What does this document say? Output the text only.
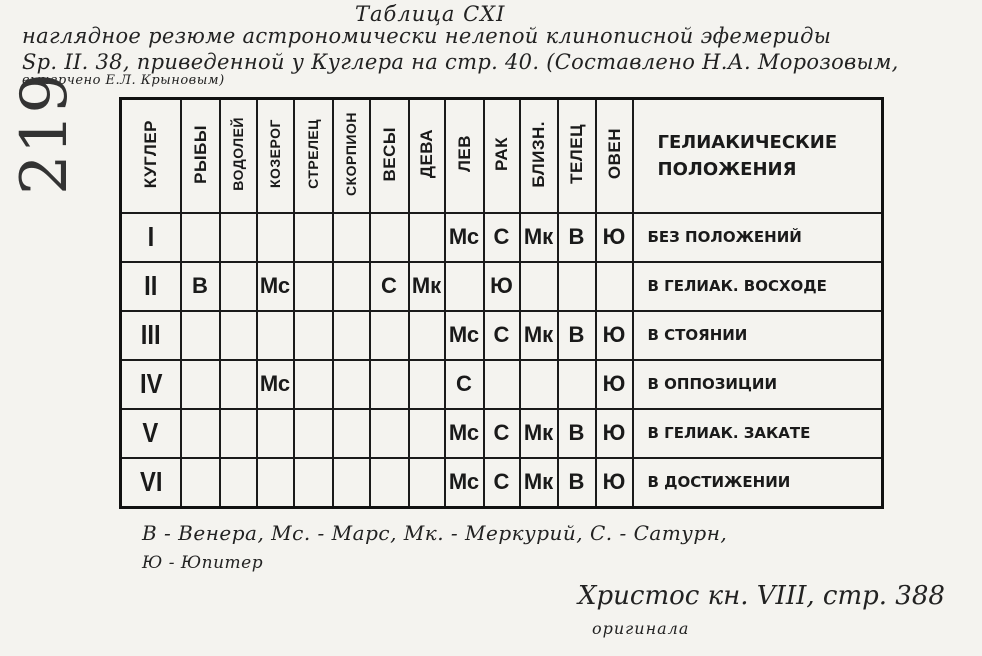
Таблица CXI
наглядное резюме астрономически нелепой клинописной эфемериды
Sp. II. 38, приведенной у Куглера на стр. 40. (Составлено Н.А. Морозовым,
вычерчено Е.Л. Крыновым)
219	КУГЛЕР	РЫБЫ	ВОДОЛЕЙ	КОЗЕРОГ	СТРЕЛЕЦ	СКОРПИОН	ВЕСЫ	ДЕВА	ЛЕВ	РАК	БЛИЗН.	ТЕЛЕЦ	ОВЕН	ГЕЛИАКИЧЕСКИЕ
ПОЛОЖЕНИЯ

I								Мс	С	Мк	В	Ю	БЕЗ ПОЛОЖЕНИЙ
II	В		Мс			С	Мк		Ю				В ГЕЛИАК. ВОСХОДЕ
III								Мс	С	Мк	В	Ю	В СТОЯНИИ
IV			Мс					С				Ю	В ОППОЗИЦИИ
V								Мс	С	Мк	В	Ю	В ГЕЛИАК. ЗАКАТЕ
VI								Мс	С	Мк	В	Ю	В ДОСТИЖЕНИИ
В - Венера, Мс. - Марс, Мк. - Меркурий, С. - Сатурн,
Ю - Юпитер
Христос кн. VIII, стр. 388
оригинала
